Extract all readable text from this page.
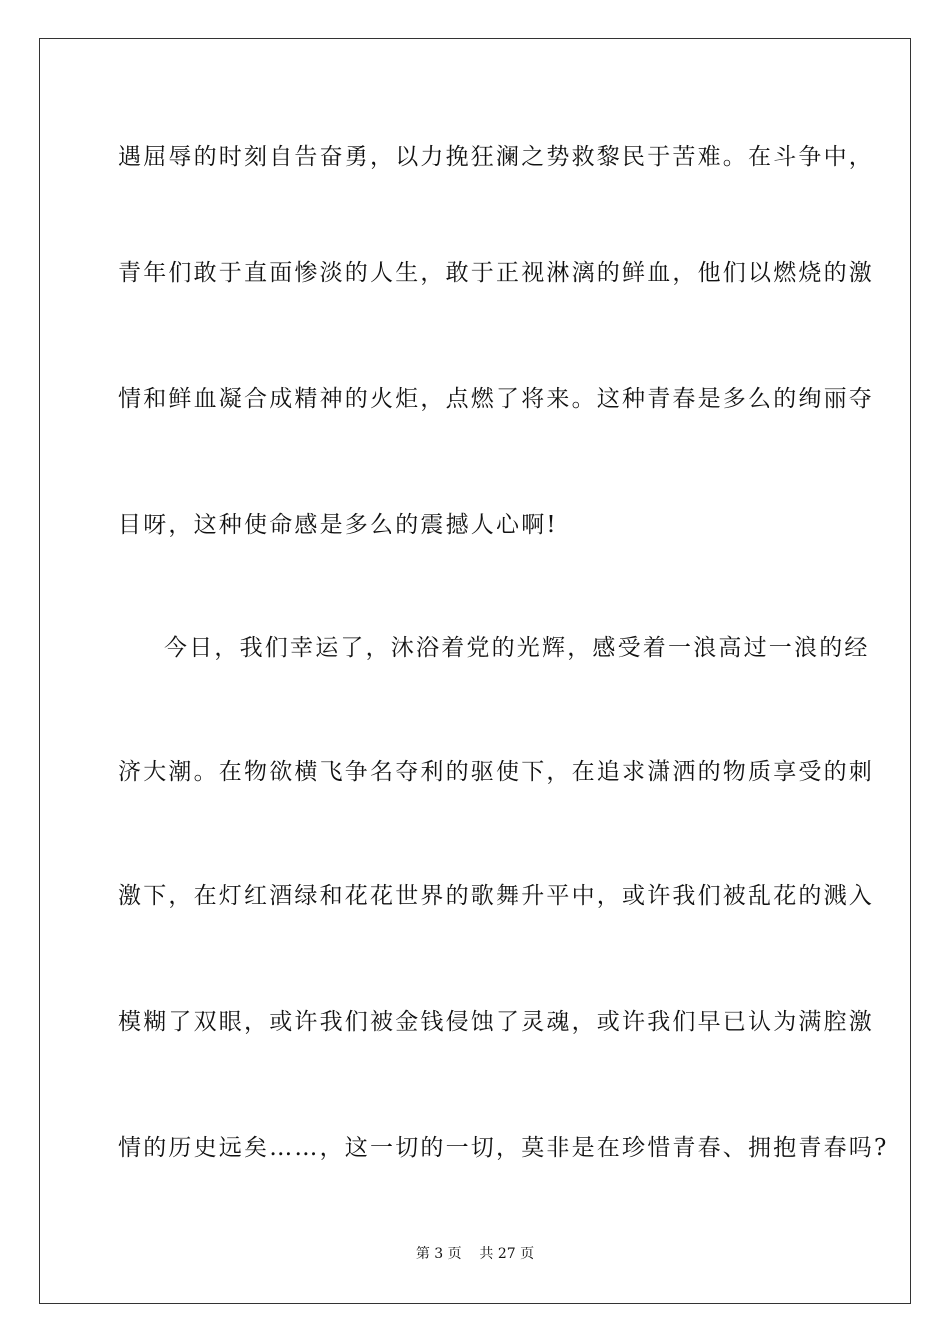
遇屈辱的时刻自告奋勇，以力挽狂澜之势救黎民于苦难。在斗争中，
青年们敢于直面惨淡的人生，敢于正视淋漓的鲜血，他们以燃烧的激
情和鲜血凝合成精神的火炬，点燃了将来。这种青春是多么的绚丽夺
目呀，这种使命感是多么的震撼人心啊!
今日，我们幸运了，沐浴着党的光辉，感受着一浪高过一浪的经
济大潮。在物欲横飞争名夺利的驱使下，在追求潇洒的物质享受的刺
激下，在灯红酒绿和花花世界的歌舞升平中，或许我们被乱花的溅入
模糊了双眼，或许我们被金钱侵蚀了灵魂，或许我们早已认为满腔激
情的历史远矣……，这一切的一切，莫非是在珍惜青春、拥抱青春吗?
第 3 页    共 27 页
